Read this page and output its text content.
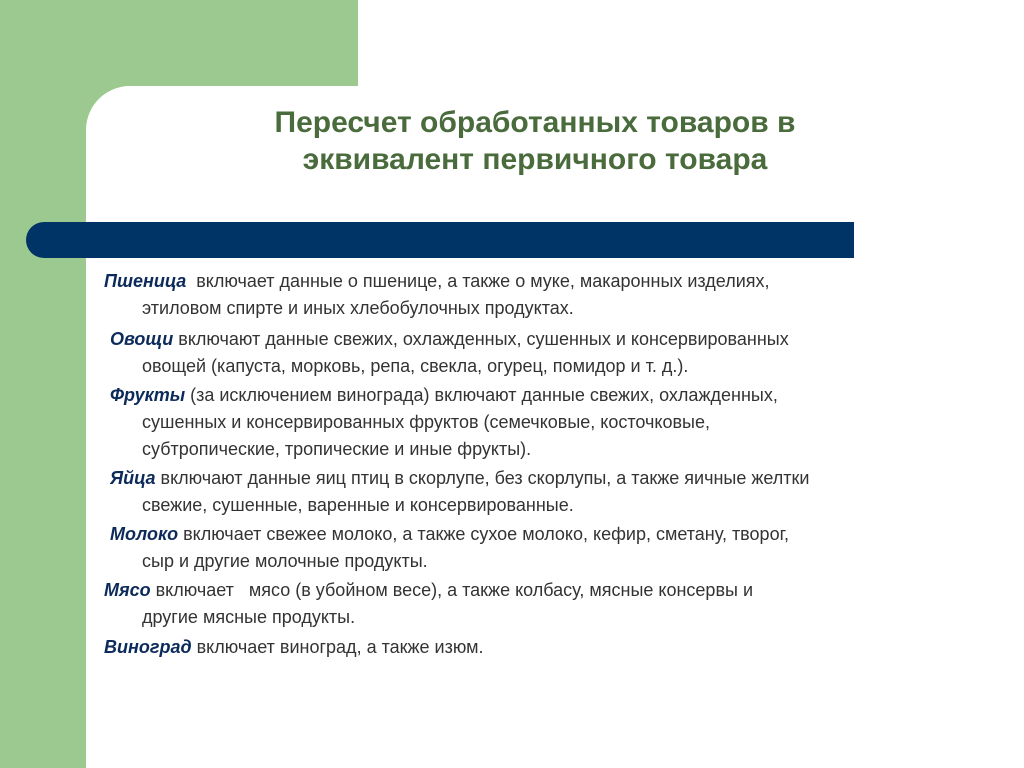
Пересчет обработанных товаров в
эквивалент первичного товара

Пшеница  включает данные о пшенице, а также о муке, макаронных изделиях,
этиловом спирте и иных хлебобулочных продуктах.

Овощи включают данные свежих, охлажденных, сушенных и консервированных
овощей (капуста, морковь, репа, свекла, огурец, помидор и т. д.).

Фрукты (за исключением винограда) включают данные свежих, охлажденных,
сушенных и консервированных фруктов (семечковые, косточковые,
субтропические, тропические и иные фрукты).

Яйца включают данные яиц птиц в скорлупе, без скорлупы, а также яичные желтки
свежие, сушенные, варенные и консервированные.

Молоко включает свежее молоко, а также сухое молоко, кефир, сметану, творог,
сыр и другие молочные продукты.

Мясо включает   мясо (в убойном весе), а также колбасу, мясные консервы и
другие мясные продукты.

Виноград включает виноград, а также изюм.
